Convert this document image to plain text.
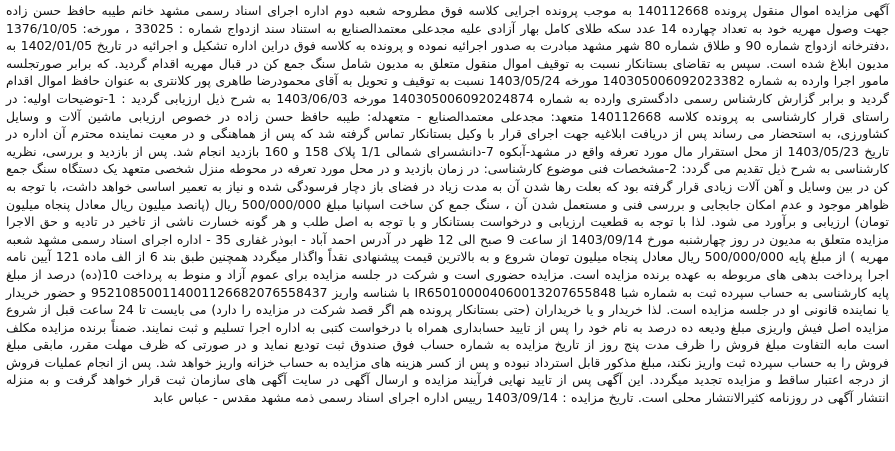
آگهی مزایده اموال منقول پرونده 140112668 به موجب پرونده اجرایی کلاسه فوق مطروحه شعبه دوم اداره اجرای اسناد رسمی مشهد خانم طیبه حافظ حسن زاده جهت وصول مهریه خود به تعداد چهارده 14 عدد سکه طلای کامل بهار آزادی علیه مجدعلی معتمدالصنایع به استناد سند ازدواج شماره : 33025 ، مورخه: 1376/10/05 ،دفترخانه ازدواج شماره 90 و طلاق شماره 80 شهر مشهد مبادرت به صدور اجرائیه نموده و پرونده به کلاسه فوق دراین اداره تشکیل و اجرائیه در تاریخ 1402/01/05 به مدیون ابلاغ شده است. سپس به تقاضای بستانکار نسبت به توقیف اموال منقول متعلق به مدیون شامل سنگ جمع کن در قبال مهریه اقدام گردید. که برابر صورتجلسه مامور اجرا وارده به شماره 140305006092023382 مورخه 1403/05/24 نسبت به توقیف و تحویل به آقای محمودرضا طاهری پور کلانتری به عنوان حافظ اموال اقدام گردید و برابر گزارش کارشناس رسمی دادگستری وارده به شماره 140305006092024874 مورخه 1403/06/03 به شرح ذیل ارزیابی گردید : 1-توضیحات اولیه: در راستای قرار کارشناسی به پرونده کلاسه 140112668 متعهد: مجدعلی معتمدالصنایع - متعهدله: طیبه حافظ حسن زاده در خصوص ارزیابی ماشین آلات و وسایل کشاورزی، به استحضار می رساند پس از دریافت ابلاغیه جهت اجرای قرار با وکیل بستانکار تماس گرفته شد که پس از هماهنگی و در معیت نماینده محترم آن اداره در تاریخ 1403/05/23 از محل استقرار مال مورد تعرفه واقع در مشهد-آبکوه 7-دانشسرای شمالی 1/1 پلاک 158 و 160 بازدید انجام شد. پس از بازدید و بررسی، نظریه کارشناسی به شرح ذیل تقدیم می گردد: 2-مشخصات فنی موضوع کارشناسی: در زمان بازدید و در محل مورد تعرفه در محوطه منزل شخصی متعهد یک دستگاه سنگ جمع کن در بین وسایل و آهن آلات زیادی قرار گرفته بود که بعلت رها شدن آن به مدت زیاد در فضای باز دچار فرسودگی شده و نیاز به تعمیر اساسی خواهد داشت، با توجه به ظواهر موجود و عدم امکان جابجایی و بررسی فنی و مستعمل شدن آن ، سنگ جمع کن ساخت اسپانیا مبلغ 500/000/000 ریال (پانصد میلیون ریال معادل پنجاه میلیون تومان) ارزیابی و برآورد می شود. لذا با توجه به قطعیت ارزیابی و درخواست بستانکار و با توجه به اصل طلب و هر گونه خسارت ناشی از تاخیر در تادیه و حق الاجرا مزایده متعلق به مدیون در روز چهارشنبه مورخ 1403/09/14 از ساعت 9 صبح الی 12 ظهر در آدرس احمد آباد - ابوذر غفاری 35 - اداره اجرای اسناد رسمی مشهد شعبه مهریه ) از مبلغ پایه 500/000/000 ریال معادل پنجاه میلیون تومان شروع و به بالاترین قیمت پیشنهادی نقداً واگذار میگردد همچنین طبق بند 6 از الف ماده 121 آیین نامه اجرا پرداخت بدهی های مربوطه به عهده برنده مزایده است. مزایده حضوری است و شرکت در جلسه مزایده برای عموم آزاد و منوط به پرداخت 10(ده) درصد از مبلغ پایه کارشناسی به حساب سپرده ثبت به شماره شبا IR650100004060013207655848 با شناسه واریز 952108500114001126682076558437 و حضور خریدار یا نماینده قانونی او در جلسه مزایده است. لذا خریدار و یا خریداران (حتی بستانکار پرونده هم اگر قصد شرکت در مزایده را دارد) می بایست تا 24 ساعت قبل از شروع مزایده اصل فیش واریزی مبلغ ودیعه ده درصد به نام خود را پس از تایید حسابداری همراه با درخواست کتبی به اداره اجرا تسلیم و ثبت نمایند. ضمناً برنده مزایده مکلف است مابه التفاوت مبلغ فروش را ظرف مدت پنج روز از تاریخ مزایده به شماره حساب فوق صندوق ثبت تودیع نماید و در صورتی که ظرف مهلت مقرر، مابقی مبلغ فروش را به حساب سپرده ثبت واریز نکند، مبلغ مذکور قابل استرداد نبوده و پس از کسر هزینه های مزایده به حساب خزانه واریز خواهد شد. پس از انجام عملیات فروش از درجه اعتبار ساقط و مزایده تجدید میگردد. این آگهی پس از تایید نهایی فرآیند مزایده و ارسال آگهی در سایت آگهی های سازمان ثبت قرار خواهد گرفت و به منزله انتشار آگهی در روزنامه کثیرالانتشار محلی است. تاریخ مزایده : 1403/09/14 رییس اداره اجرای اسناد رسمی ذمه مشهد مقدس - عباس عابد
